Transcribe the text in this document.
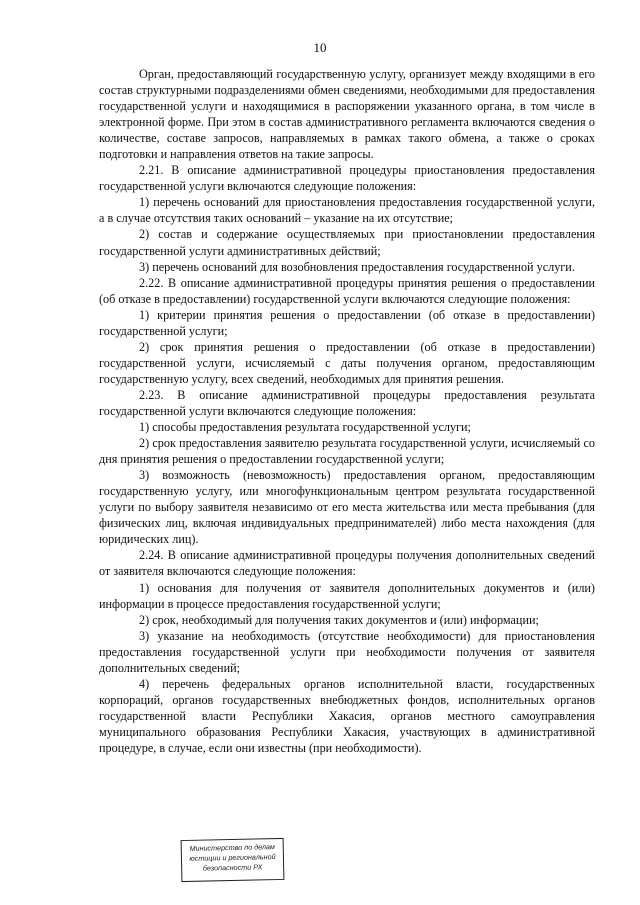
10

Орган, предоставляющий государственную услугу, организует между входящими в его состав структурными подразделениями обмен сведениями, необходимыми для предоставления государственной услуги и находящимися в распоряжении указанного органа, в том числе в электронной форме. При этом в состав административного регламента включаются сведения о количестве, составе запросов, направляемых в рамках такого обмена, а также о сроках подготовки и направления ответов на такие запросы.

2.21. В описание административной процедуры приостановления предоставления государственной услуги включаются следующие положения:

1) перечень оснований для приостановления предоставления государственной услуги, а в случае отсутствия таких оснований – указание на их отсутствие;

2) состав и содержание осуществляемых при приостановлении предоставления государственной услуги административных действий;

3) перечень оснований для возобновления предоставления государственной услуги.

2.22. В описание административной процедуры принятия решения о предоставлении (об отказе в предоставлении) государственной услуги включаются следующие положения:

1) критерии принятия решения о предоставлении (об отказе в предоставлении) государственной услуги;

2) срок принятия решения о предоставлении (об отказе в предоставлении) государственной услуги, исчисляемый с даты получения органом, предоставляющим государственную услугу, всех сведений, необходимых для принятия решения.

2.23. В описание административной процедуры предоставления результата государственной услуги включаются следующие положения:

1) способы предоставления результата государственной услуги;

2) срок предоставления заявителю результата государственной услуги, исчисляемый со дня принятия решения о предоставлении государственной услуги;

3) возможность (невозможность) предоставления органом, предоставляющим государственную услугу, или многофункциональным центром результата государственной услуги по выбору заявителя независимо от его места жительства или места пребывания (для физических лиц, включая индивидуальных предпринимателей) либо места нахождения (для юридических лиц).

2.24. В описание административной процедуры получения дополнительных сведений от заявителя включаются следующие положения:

1) основания для получения от заявителя дополнительных документов и (или) информации в процессе предоставления государственной услуги;

2) срок, необходимый для получения таких документов и (или) информации;

3) указание на необходимость (отсутствие необходимости) для приостановления предоставления государственной услуги при необходимости получения от заявителя дополнительных сведений;

4) перечень федеральных органов исполнительной власти, государственных корпораций, органов государственных внебюджетных фондов, исполнительных органов государственной власти Республики Хакасия, органов местного самоуправления муниципального образования Республики Хакасия, участвующих в административной процедуре, в случае, если они известны (при необходимости).

Министерство по делам
юстиции и региональной
безопасности РХ
